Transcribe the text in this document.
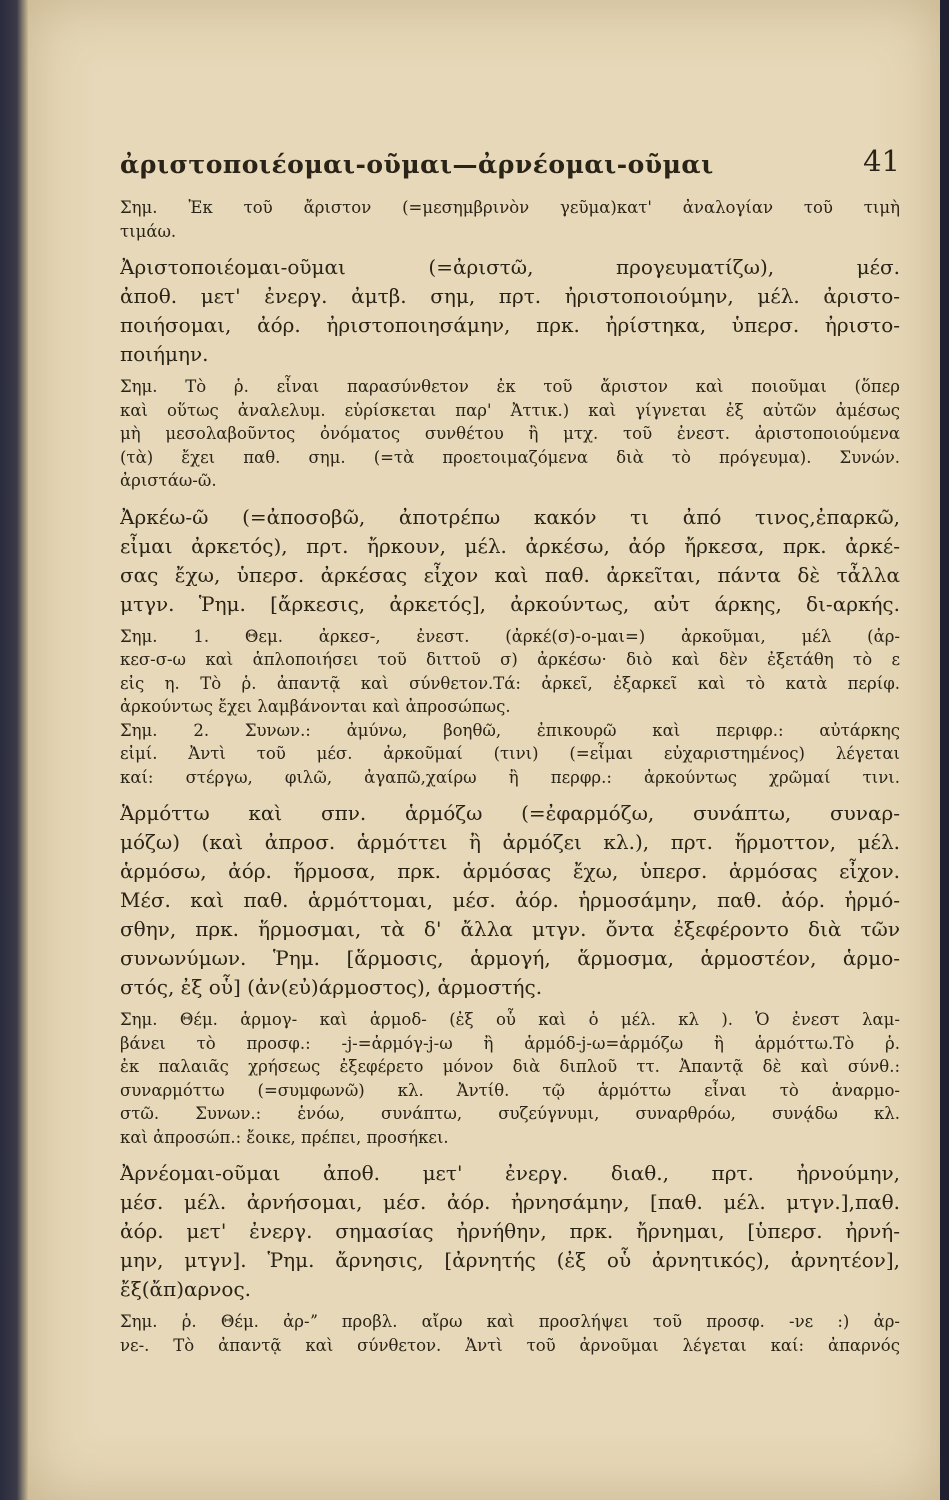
ἀριστοποιέομαι-οῦμαι—ἀρνέομαι-οῦμαι	41
Σημ. Ἐκ τοῦ ἄριστον (=μεσημβρινὸν γεῦμα)κατ' ἀναλογίαν τοῦ τιμὴ
τιμάω.
Ἀριστοποιέομαι-οῦμαι (=ἀριστῶ, προγευματίζω), μέσ.
ἀποθ. μετ' ἐνεργ. ἀμτβ. σημ, πρτ. ἠριστοποιούμην, μέλ. ἀριστο-
ποιήσομαι, ἀόρ. ἠριστοποιησάμην, πρκ. ἠρίστηκα, ὑπερσ. ἠριστο-
ποιήμην.
Σημ. Τὸ ῥ. εἶναι παρασύνθετον ἐκ τοῦ ἄριστον καὶ ποιοῦμαι (ὅπερ
καὶ οὕτως ἀναλελυμ. εὑρίσκεται παρ' Ἀττικ.) καὶ γίγνεται ἐξ αὐτῶν ἀμέσως
μὴ μεσολαβοῦντος ὀνόματος συνθέτου ἢ μτχ. τοῦ ἐνεστ. ἀριστοποιούμενα
(τὰ) ἔχει παθ. σημ. (=τὰ προετοιμαζόμενα διὰ τὸ πρόγευμα). Συνών.
ἀριστάω-ῶ.
Ἀρκέω-ῶ (=ἀποσοβῶ, ἀποτρέπω κακόν τι ἀπό τινος,ἐπαρκῶ,
εἶμαι ἀρκετός), πρτ. ἤρκουν, μέλ. ἀρκέσω, ἀόρ ἤρκεσα, πρκ. ἀρκέ-
σας ἔχω, ὑπερσ. ἀρκέσας εἶχον καὶ παθ. ἀρκεῖται, πάντα δὲ τἆλλα
μτγν. Ῥημ. [ἄρκεσις, ἀρκετός], ἀρκούντως, αὐτ άρκης, δι-αρκής.
Σημ. 1. Θεμ. ἀρκεσ-, ἐνεστ. (ἀρκέ(σ)-ο-μαι=) ἀρκοῦμαι, μέλ (ἀρ-
κεσ-σ-ω καὶ ἁπλοποιήσει τοῦ διττοῦ σ) ἀρκέσω· διὸ καὶ δὲν ἐξετάθη τὸ ε
εἰς η. Τὸ ῥ. ἀπαντᾷ καὶ σύνθετον.Τά: ἀρκεῖ, ἐξαρκεῖ καὶ τὸ κατὰ περίφ.
ἀρκούντως ἔχει λαμβάνονται καὶ ἀπροσώπως.
Σημ. 2. Συνων.: ἀμύνω, βοηθῶ, ἐπικουρῶ καὶ περιφρ.: αὐτάρκης
εἰμί. Ἀντὶ τοῦ μέσ. ἀρκοῦμαί (τινι) (=εἶμαι εὐχαριστημένος) λέγεται
καί: στέργω, φιλῶ, ἀγαπῶ,χαίρω ἢ περφρ.: ἀρκούντως χρῶμαί τινι.
Ἁρμόττω καὶ σπν. ἁρμόζω (=ἐφαρμόζω, συνάπτω, συναρ-
μόζω) (καὶ ἀπροσ. ἁρμόττει ἢ ἁρμόζει κλ.), πρτ. ἥρμοττον, μέλ.
ἁρμόσω, ἀόρ. ἥρμοσα, πρκ. ἁρμόσας ἔχω, ὑπερσ. ἁρμόσας εἶχον.
Μέσ. καὶ παθ. ἁρμόττομαι, μέσ. ἀόρ. ἡρμοσάμην, παθ. ἀόρ. ἡρμό-
σθην, πρκ. ἥρμοσμαι, τὰ δ' ἄλλα μτγν. ὄντα ἐξεφέροντο διὰ τῶν
συνωνύμων. Ῥημ. [ἅρμοσις, ἁρμογή, ἅρμοσμα, ἁρμοστέον, ἁρμο-
στός, ἐξ οὗ] (ἀν(εὐ)άρμοστος), ἁρμοστής.
Σημ. Θέμ. ἁρμογ- καὶ ἁρμοδ- (ἐξ οὗ καὶ ὁ μέλ. κλ ). Ὁ ἐνεστ λαμ-
βάνει τὸ προσφ.: -j-=ἁρμόγ-j-ω ἢ ἁρμόδ-j-ω=ἁρμόζω ἢ ἁρμόττω.Τὸ ῥ.
ἐκ παλαιᾶς χρήσεως ἐξεφέρετο μόνον διὰ διπλοῦ ττ. Ἀπαντᾷ δὲ καὶ σύνθ.:
συναρμόττω (=συμφωνῶ) κλ. Ἀντίθ. τῷ ἁρμόττω εἶναι τὸ ἀναρμο-
στῶ. Συνων.: ἑνόω, συνάπτω, συζεύγνυμι, συναρθρόω, συνᾴδω κλ.
καὶ ἀπροσώπ.: ἔοικε, πρέπει, προσήκει.
Ἀρνέομαι-οῦμαι ἀποθ. μετ' ἐνεργ. διαθ., πρτ. ἠρνούμην,
μέσ. μέλ. ἀρνήσομαι, μέσ. ἀόρ. ἠρνησάμην, [παθ. μέλ. μτγν.],παθ.
ἀόρ. μετ' ἐνεργ. σημασίας ἠρνήθην, πρκ. ἤρνημαι, [ὑπερσ. ἠρνή-
μην, μτγν]. Ῥημ. ἄρνησις, [ἀρνητής (ἐξ οὗ ἀρνητικός), ἀρνητέον],
ἔξ(ἄπ)αρνος.
Σημ. ῥ. Θέμ. ἀρ-ˮ προβλ. αἴρω καὶ προσλήψει τοῦ προσφ. -νε :) ἀρ-
νε-. Τὸ ἀπαντᾷ καὶ σύνθετον. Ἀντὶ τοῦ ἀρνοῦμαι λέγεται καί: ἀπαρνός
